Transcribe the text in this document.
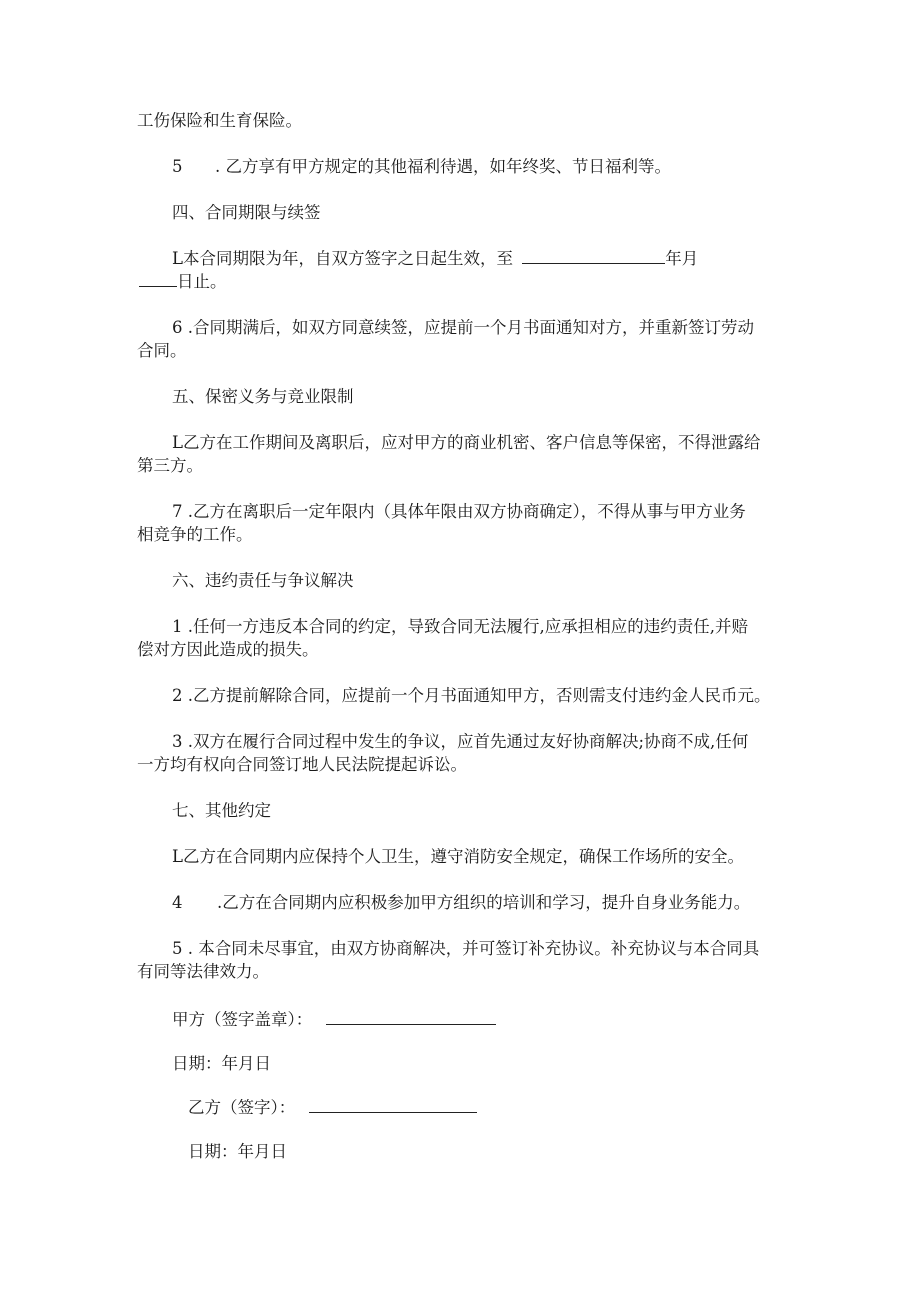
工伤保险和生育保险。
5 . 乙方享有甲方规定的其他福利待遇，如年终奖、节日福利等。
四、合同期限与续签
L本合同期限为年，自双方签字之日起生效，至	年月
日止。
6 .合同期满后，如双方同意续签，应提前一个月书面通知对方，并重新签订劳动
合同。
五、保密义务与竞业限制
L乙方在工作期间及离职后，应对甲方的商业机密、客户信息等保密，不得泄露给
第三方。
7 .乙方在离职后一定年限内（具体年限由双方协商确定），不得从事与甲方业务
相竞争的工作。
六、违约责任与争议解决
1 .任何一方违反本合同的约定，导致合同无法履行,应承担相应的违约责任,并赔
偿对方因此造成的损失。
2 .乙方提前解除合同，应提前一个月书面通知甲方，否则需支付违约金人民币元。
3 .双方在履行合同过程中发生的争议，应首先通过友好协商解决;协商不成,任何
一方均有权向合同签订地人民法院提起诉讼。
七、其他约定
L乙方在合同期内应保持个人卫生，遵守消防安全规定，确保工作场所的安全。
4 .乙方在合同期内应积极参加甲方组织的培训和学习，提升自身业务能力。
5 . 本合同未尽事宜，由双方协商解决，并可签订补充协议。补充协议与本合同具
有同等法律效力。
甲方（签字盖章）：
日期：年月日
乙方（签字）：
日期：年月日
